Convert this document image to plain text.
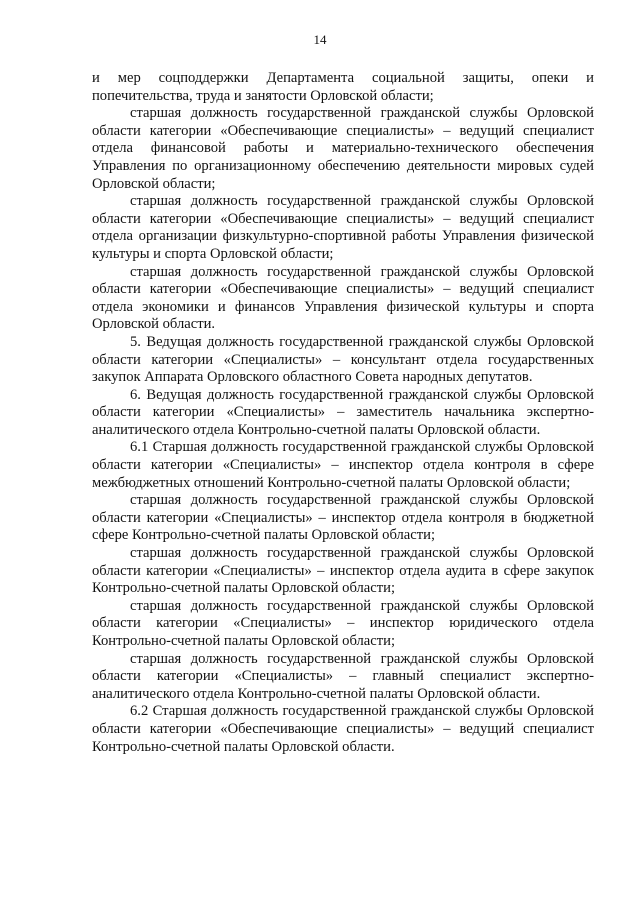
14

и мер соцподдержки Департамента социальной защиты, опеки и попечительства, труда и занятости Орловской области;

старшая должность государственной гражданской службы Орловской области категории «Обеспечивающие специалисты» – ведущий специалист отдела финансовой работы и материально-технического обеспечения Управления по организационному обеспечению деятельности мировых судей Орловской области;

старшая должность государственной гражданской службы Орловской области категории «Обеспечивающие специалисты» – ведущий специалист отдела организации физкультурно-спортивной работы Управления физической культуры и спорта Орловской области;

старшая должность государственной гражданской службы Орловской области категории «Обеспечивающие специалисты» – ведущий специалист отдела экономики и финансов Управления физической культуры и спорта Орловской области.

5. Ведущая должность государственной гражданской службы Орловской области категории «Специалисты» – консультант отдела государственных закупок Аппарата Орловского областного Совета народных депутатов.

6. Ведущая должность государственной гражданской службы Орловской области категории «Специалисты» – заместитель начальника экспертно-аналитического отдела Контрольно-счетной палаты Орловской области.

6.1 Старшая должность государственной гражданской службы Орловской области категории «Специалисты» – инспектор отдела контроля в сфере межбюджетных отношений Контрольно-счетной палаты Орловской области;

старшая должность государственной гражданской службы Орловской области категории «Специалисты» – инспектор отдела контроля в бюджетной сфере Контрольно-счетной палаты Орловской области;

старшая должность государственной гражданской службы Орловской области категории «Специалисты» – инспектор отдела аудита в сфере закупок Контрольно-счетной палаты Орловской области;

старшая должность государственной гражданской службы Орловской области категории «Специалисты» – инспектор юридического отдела Контрольно-счетной палаты Орловской области;

старшая должность государственной гражданской службы Орловской области категории «Специалисты» – главный специалист экспертно-аналитического отдела Контрольно-счетной палаты Орловской области.

6.2 Старшая должность государственной гражданской службы Орловской области категории «Обеспечивающие специалисты» – ведущий специалист Контрольно-счетной палаты Орловской области.
